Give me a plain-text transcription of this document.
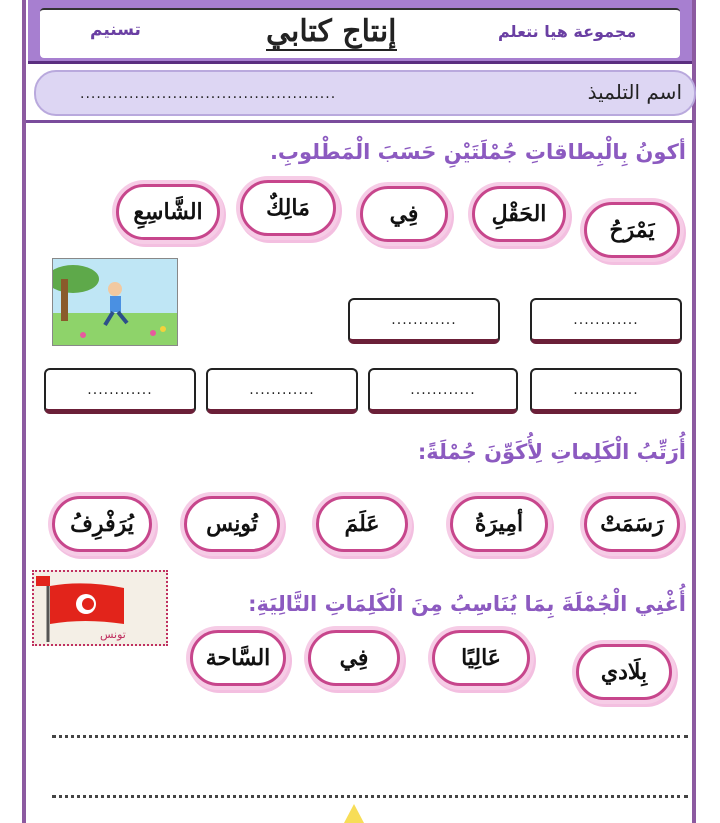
تسنيم	إنتاج كتابي	مجموعة هيا نتعلم
اسم التلميذ
...............................................
أكونُ بِالْبِطاقاتِ جُمْلَتَيْنِ حَسَبَ الْمَطْلوبِ.
يَمْرَحُ
الحَقْلِ
فِي
مَالِكٌ
الشَّاسِعِ
............
............
............
............
............
............
أُرَتِّبُ الْكَلِماتِ لِأُكَوِّنَ جُمْلَةً:
رَسَمَتْ
أمِيرَةُ
عَلَمَ
تُونِس
يُرَفْرِفُ
أُغْنِي الْجُمْلَةَ بِمَا يُنَاسِبُ مِنَ الْكَلِمَاتِ التَّالِيَةِ:
تونس
بِلَادي
عَالِيًا
فِي
السَّاحة
